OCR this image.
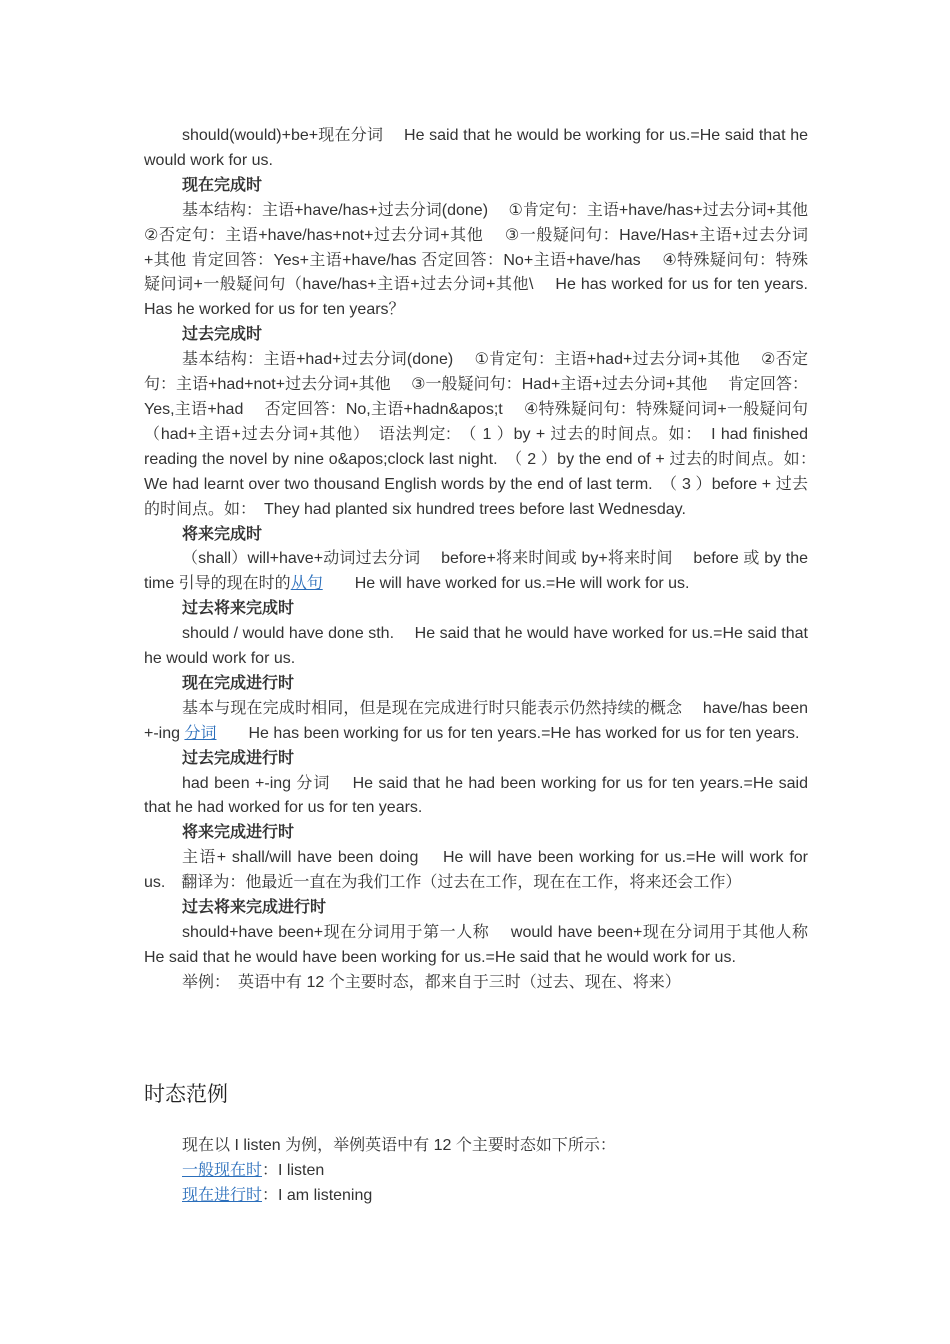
should(would)+be+现在分词　 He said that he would be working for us.=He said that he would work for us.
现在完成时
基本结构：主语+have/has+过去分词(done)　 ①肯定句：主语+have/has+过去分词+其他　 ②否定句：主语+have/has+not+过去分词+其他　 ③一般疑问句：Have/Has+主语+过去分词+其他 肯定回答：Yes+主语+have/has 否定回答：No+主语+have/has　 ④特殊疑问句：特殊疑问词+一般疑问句（have/has+主语+过去分词+其他\　 He has worked for us for ten years.　 Has he worked for us for ten years？
过去完成时
基本结构：主语+had+过去分词(done)　 ①肯定句：主语+had+过去分词+其他　 ②否定句：主语+had+not+过去分词+其他　 ③一般疑问句：Had+主语+过去分词+其他　 肯定回答：Yes,主语+had　 否定回答：No,主语+hadn&apos;t　 ④特殊疑问句：特殊疑问词+一般疑问句（had+主语+过去分词+其他）　语法判定:　（ 1 ）by + 过去的时间点。如：　I had finished reading the novel by nine o&apos;clock last night.　（ 2 ）by the end of + 过去的时间点。如：　We had learnt over two thousand English words by the end of last term.　（ 3 ）before + 过去的时间点。如：　They had planted six hundred trees before last Wednesday.
将来完成时
（shall）will+have+动词过去分词　 before+将来时间或 by+将来时间　 before 或 by the time 引导的现在时的从句　　He will have worked for us.=He will work for us.
过去将来完成时
should / would have done sth.　 He said that he would have worked for us.=He said that he would work for us.
现在完成进行时
基本与现在完成时相同，但是现在完成进行时只能表示仍然持续的概念　 have/has been +-ing 分词　　He has been working for us for ten years.=He has worked for us for ten years.
过去完成进行时
had been +-ing 分词　 He said that he had been working for us for ten years.=He said that he had worked for us for ten years.
将来完成进行时
主语+ shall/will have been doing　 He will have been working for us.=He will work for us.　翻译为：他最近一直在为我们工作（过去在工作，现在在工作，将来还会工作）
过去将来完成进行时
should+have been+现在分词用于第一人称　 would have been+现在分词用于其他人称　 He said that he would have been working for us.=He said that he would work for us.
举例：　英语中有 12 个主要时态，都来自于三时（过去、现在、将来）
时态范例
现在以 I listen 为例，举例英语中有 12 个主要时态如下所示：
一般现在时：I listen
现在进行时：I am listening
